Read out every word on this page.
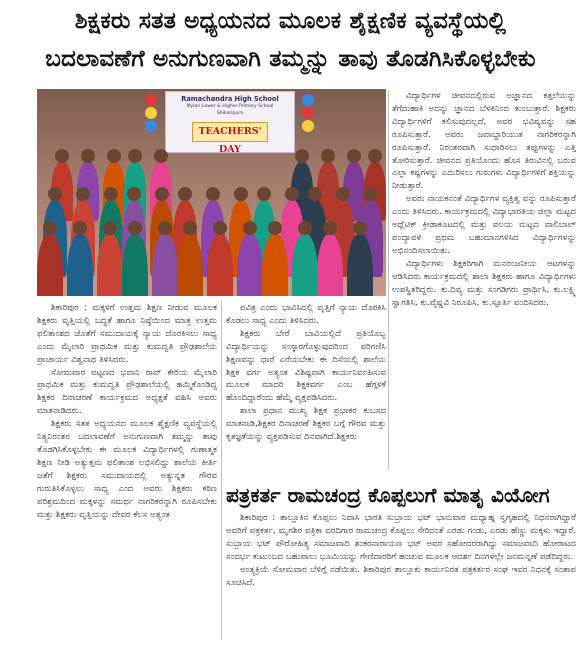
ಶಿಕ್ಷಕರು ಸತತ ಅಧ್ಯಯನದ ಮೂಲಕ ಶೈಕ್ಷಣಿಕ ವ್ಯವಸ್ಥೆಯಲ್ಲಿ
ಬದಲಾವಣೆಗೆ ಅನುಗುಣವಾಗಿ ತಮ್ಮನ್ನು ತಾವು ತೊಡಗಿಸಿಕೊಳ್ಳಬೇಕು
Ramachandra High School
Mylari Lower & Higher Primary School
Shikaripura
TEACHERS' DAY

ವಿದ್ಯಾರ್ಥಿಗಳ ಜೀವನದಲ್ಲಿರುವ ಅಜ್ಞಾನದ ಕತ್ತಲೆಯನ್ನು ತೆಗೆದುಹಾಕಿ ಅದನ್ನು ಜ್ಞಾನದ ಬೆಳಕಿನಿಂದ ತುಂಬುತ್ತಾರೆ. ಶಿಕ್ಷಕರು ವಿದ್ಯಾರ್ಥಿಗಳಿಗೆ ಕಲಿಸುವುದಲ್ಲದೆ, ಅವರ ಭವಿಷ್ಯವನ್ನು ಸಹ ರೂಪಿಸುತ್ತಾರೆ. ಅವರು ಜವಾಬ್ದಾರಿಯುತ ನಾಗರಿಕರನ್ನಾಗಿ ರೂಪಿಸುತ್ತಾರೆ. ನಿರಂತರವಾಗಿ ಸುಧಾರಿಸಲು ತಪ್ಪುಗಳನ್ನು ಎತ್ತಿ ತೋರಿಸುತ್ತಾರೆ. ಜೀವನದ ಪ್ರತಿಯೊಂದು ಹೊಸ ತಿರುವಿನಲ್ಲಿ ಬರುವ ಎಲ್ಲಾ ಕಷ್ಟಗಳನ್ನು ಎದುರಿಸಲು ಗುರುಗಳು ವಿದ್ಯಾರ್ಥಿಗಳಿಗೆ ಶಕ್ತಿಯನ್ನು ನೀಡುತ್ತಾರೆ.

ಅವರು ನಾಯಕನಂತೆ ವಿದ್ಯಾರ್ಥಿಗಳ ವ್ಯಕ್ತಿತ್ವ ವನ್ನು ರೂಪಿಸುತ್ತಾರೆ ಎಂದು ತಿಳಿಸಿದರು. ಕಾರ್ಯಕ್ರಮದಲ್ಲಿ ವಿದ್ಯಾಭಾರತಿಯ ಜಿಲ್ಲಾ ಮಟ್ಟದ ಅಥ್ಲೆಟಿಕ್ ಕ್ರೀಡಾಕೂಟದಲ್ಲಿ ಮತ್ತು ವಲಯ ಮಟ್ಟದ ವಾಲಿಬಾಲ್ ಪಂದ್ಯಾವಳಿ ಪ್ರಥಮ ಬಹುಮಾನಗಳಿಸಿದ ವಿದ್ಯಾರ್ಥಿಗಳನ್ನು ಅಭಿನಂದಿಸಲಾಯಿತು.

ವಿದ್ಯಾರ್ಥಿಗಳು ಶಿಕ್ಷಕರಿಗಾಗಿ ಮನರಂಜನೀಯ ಆಟಗಳನ್ನು ಆಡಿಸಿದರು ಕಾರ್ಯಕ್ರಮದಲ್ಲಿ ಶಾಲಾ ಶಿಕ್ಷಕರು ಹಾಗೂ ವಿದ್ಯಾರ್ಥಿಗಳು ಉಪಸ್ಥಿತರಿದ್ದರು. ಕು.ದಿವ್ಯ ಮತ್ತು ಸಂಗಡಿಗರು ಪ್ರಾರ್ಥಿಸಿ, ಕು.ಲಕ್ಷ್ಮಿ ಸ್ವಾಗತಿಸಿ, ಕು.ವೈಷ್ಣವಿ ನಿರೂಪಿಸಿ, ಕು.ಸ್ಫೂರ್ತಿ ವಂದಿಸಿದರು.

ಶಿಕಾರಿಪುರ : ಮಕ್ಕಳಿಗೆ ಉತ್ತಮ ಶಿಕ್ಷಣ ನೀಡುವ ಮೂಲಕ ಶಿಕ್ಷಕರು ವೃತ್ತಿಯಲ್ಲಿ ಬದ್ಧತೆ ಹಾಗೂ ನಿಷ್ಠೆಯಿಂದ ಮಾತ್ರ ಉತ್ತಮ ಫಲಿತಾಂಶದ ಜೊತೆಗೆ ಸಮುದಾಯಕ್ಕೆ ನ್ಯಾಯ ದೊರಕಿಸಲು ಸಾಧ್ಯ ಎಂದು ಮೈಲಾರಿ ಪ್ರಾಥಮಿಕ ಮತ್ತು ಕುಮದ್ವತಿ ಪ್ರೌಢಶಾಲೆಯ ಪ್ರಾಚಾರ್ಯ ವಿಶ್ವನಾಥ ತಿಳಿಸಿದರು.

ಸೋಮವಾರ ಪಟ್ಟಣದ ಭವಾನಿ ರಾವ್ ಕೇರಿಯ ಮೈಲಾರಿ ಪ್ರಾಥಮಿಕ ಮತ್ತು ಕುಮದ್ವತಿ ಪ್ರೌಢಶಾಲೆಯಲ್ಲಿ ಹಮ್ಮಿಕೊಂಡಿದ್ದ ಶಿಕ್ಷಕರ ದಿನಾಚರಣೆ ಕಾರ್ಯಕ್ರಮದ ಅಧ್ಯಕ್ಷತೆ ವಹಿಸಿ ಅವರು ಮಾತನಾಡಿದರು.

ಶಿಕ್ಷಕರು ಸತತ ಅಧ್ಯಯನದ ಮೂಲಕ ಶೈಕ್ಷಣಿಕ ವ್ಯವಸ್ಥೆಯಲ್ಲಿ ನಿತ್ಯನಿರಂತರ ಬದಲಾವಣೆಗೆ ಅನುಗುಣವಾಗಿ ತಮ್ಮನ್ನು ತಾವು ತೊಡಗಿಸಿಕೊಳ್ಳಬೇಕು ಈ ಮೂಲಕ ವಿದ್ಯಾರ್ಥಿಗಳಲ್ಲಿ ಗುಣಾತ್ಮಕ ಶಿಕ್ಷಣ ನೀಡಿ ಅತ್ಯುತ್ತಮ ಫಲಿತಾಂಶ ಲಭಿಸಲಿದ್ದು ಶಾಲೆಯ ಕೀರ್ತಿ ಜತೆಗೆ ಶಿಕ್ಷಕರು ಸಮುದಾಯದಲ್ಲಿ ಅತ್ಯುನ್ನತ ಗೌರವ ಗುರುತಿಸಿಕೊಳ್ಳಲು ಸಾಧ್ಯ ಎಂದ ಅವರು ಶಿಕ್ಷಕರು ಕಠಿಣ ಪರಿಶ್ರಮದಿಂದ ಮಕ್ಕಳನ್ನು ಸಮರ್ಥ ನಾಗರಿಕರನ್ನಾಗಿ ರೂಪಿಸಬೇಕು ಮತ್ತು ಶಿಕ್ಷಕರು ವೃತ್ತಿಯನ್ನು ದೇವರ ಕೆಲಸ ಅತ್ಯಂತ

ಪವಿತ್ರ ಎಂದು ಭಾವಿಸಿದಲ್ಲಿ ವೃತ್ತಿಗೆ ನ್ಯಾಯ ದೊರಕಿಸಿ ಕೊಡಲು ಸಾಧ್ಯ ಎಂದು ತಿಳಿಸಿದರು.

ಶಿಕ್ಷಕರು ಬೇರೆ ಬಾವಿಯಲ್ಲಿದೆ ಪ್ರತಿಯೊಬ್ಬ ವಿದ್ಯಾರ್ಥಿಯನ್ನು ಸಂಸ್ಕಾರಗೊಳ್ಳುವುದರಿಂದ ಪರಿಗಣಿಸಿ ಶಿಕ್ಷಣವನ್ನು ಧಾರೆ ಎರೆಯಬೇಕು ಈ ದಿಸೆಯಲ್ಲಿ ಶಾಲೆಯ ಶಿಕ್ಷಕ ವರ್ಗ ಅತ್ಯಂತ ವಿಶಿಷ್ಟವಾಗಿ ಕಾರ್ಯನಿರ್ವಹಿಸುವ ಮೂಲಕ ಮಾದರಿ ಶಿಕ್ಷಕವರ್ಗ ಎಂಬ ಹೆಗ್ಗಳಿಕೆ ಹೊಂದಿದ್ದಾರೆಂದು ಹೆಮ್ಮೆ ವ್ಯಕ್ತಪಡಿಸಿದರು.

ಶಾಲಾ ಪ್ರಧಾನ ಮುಖ್ಯ ಶಿಕ್ಷಕ ಪ್ರಭಾಕರ ಕುಬಸದ ಮಾತನಾಡಿ,ಶಿಕ್ಷಕರ ದಿನಾಚರಣೆ ಶಿಕ್ಷಕರ ಬಗ್ಗೆ ಗೌರವ ಮತ್ತು ಕೃತಜ್ಞತೆಯನ್ನು ವ್ಯಕ್ತಪಡಿಸುವ ದಿನವಾಗಿದೆ.ಶಿಕ್ಷಕರು

ಪತ್ರಕರ್ತ ರಾಮಚಂದ್ರ ಕೊಪ್ಪಲುಗೆ ಮಾತೃ ವಿಯೋಗ

ಶಿಕಾರಿಪುರ : ತಾಲ್ಲೂಕಿನ ಕೊಪ್ಪಲು ನಿವಾಸಿ ಭಾರತಿ ಸುಬ್ರಾಯ ಭಟ್ ಭಾನುವಾರ ಮಧ್ಯಾಹ್ನ ಸ್ವಗೃಹದಲ್ಲಿ ನಿಧನರಾಗಿದ್ದಾರೆ ಅವರಿಗೆ ಪತ್ರಕರ್ತ, ಮೃಗಶಿರ ಪತ್ರಿಕಾ ವರದಿಗಾರ ರಾಮಚಂದ್ರ ಕೊಪ್ಪಲು ಸೇರಿದಂತೆ ಎರಡು ಗಂಡು, ಎರಡು ಹೆಣ್ಣು ಮಕ್ಕಳು ಇದ್ದಾರೆ. ಸುಬ್ರಾಯ ಭಟ್ ಪೌರೋಹಿತ್ಯ ಸಮಾಜವಾದಿ ಶಂಕರನಾರಾಯಣ ಭಟ್ ಅವರ ಸಹೋದರರಾಗಿದ್ದು ಸಮಾಜವಾದಿ ಹೋರಾಟದ ಸಂದರ್ಭ ಕುಟುಂಬದ ಬಹುಪಾಲು ಭೂಮಿಯನ್ನು ಗೇಣಿದಾರರಿಗೆ ಹಂಚುವ ಮೂಲಕ ಆದರ್ಶ ದಿನಗಳಲ್ಲೇ ಜನಮನ್ನಣೆ ಪಡೆದಿದ್ದರು.

ಅಂತ್ಯಕ್ರಿಯೆ ಸೋಮವಾರ ಬೆಳಿಗ್ಗೆ ನಡೆಯಿತು. ಶಿಕಾರಿಪುರ ತಾಲ್ಲೂಕು ಕಾರ್ಯನಿರತ ಪತ್ರಕರ್ತರ ಸಂಘ ಇವರ ನಿಧನಕ್ಕೆ ಸಂತಾಪ ಸೂಚಿಸಿದೆ.
